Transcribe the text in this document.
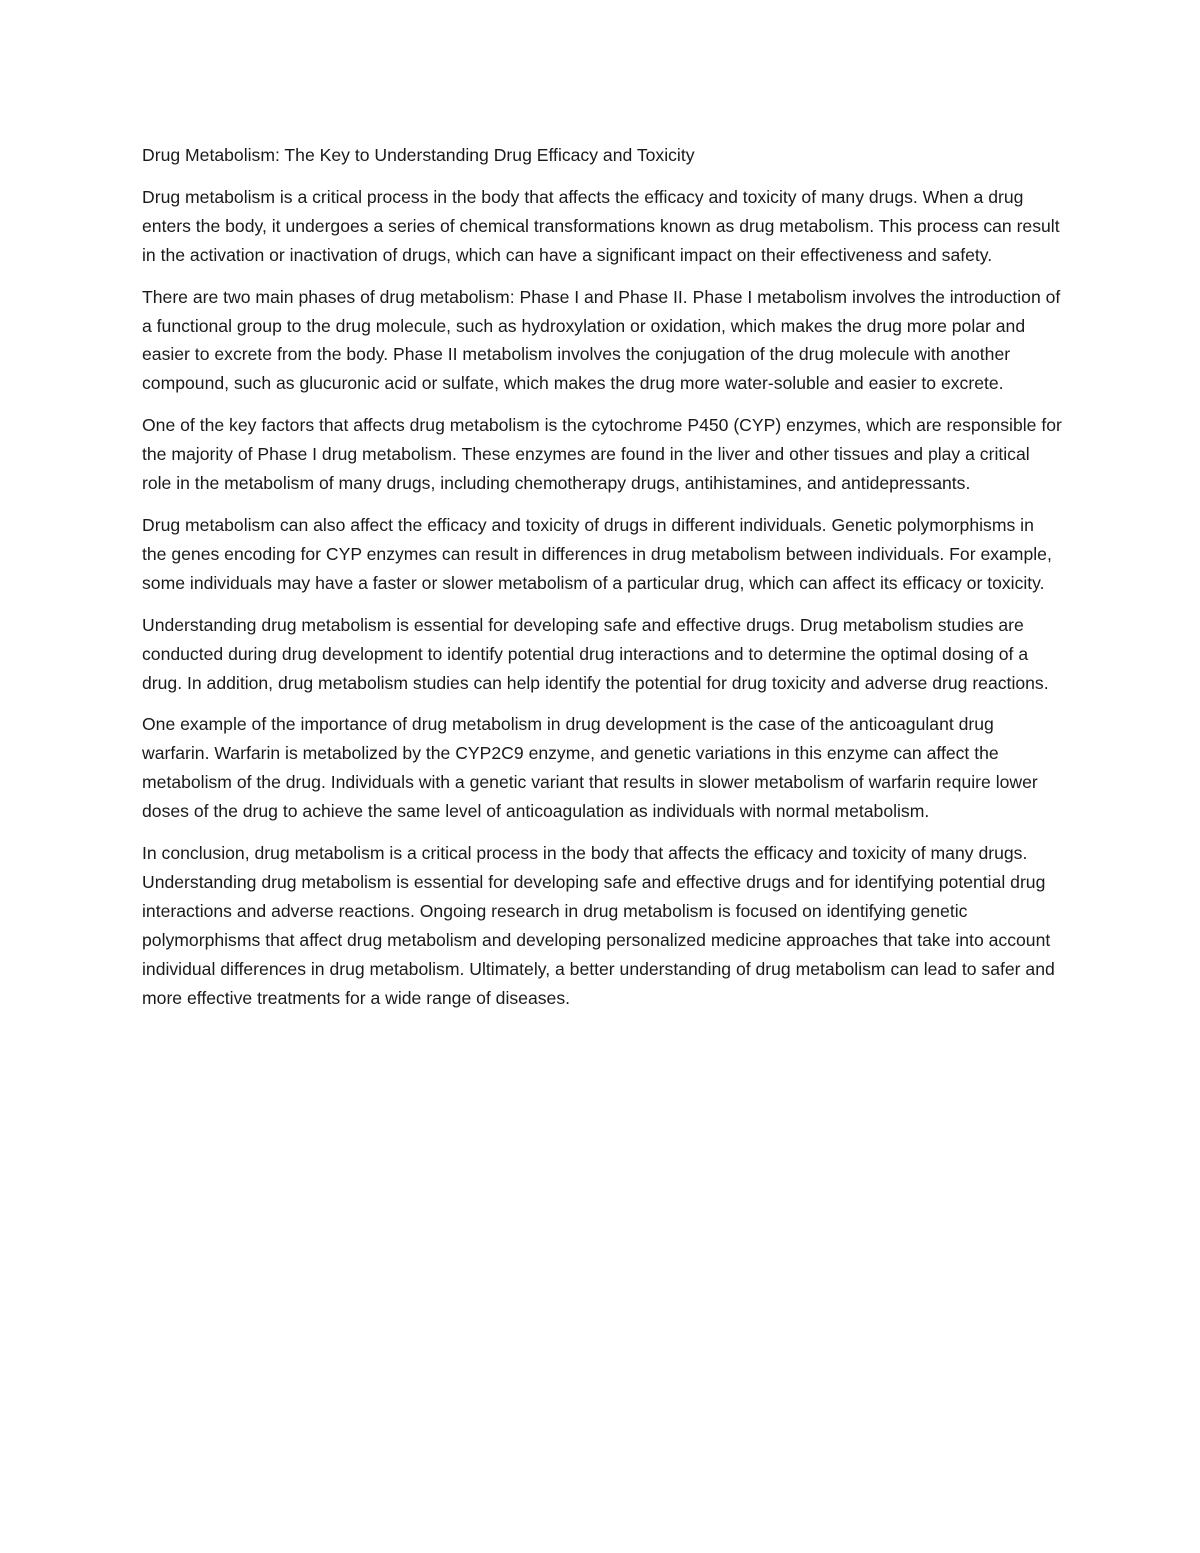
Drug Metabolism: The Key to Understanding Drug Efficacy and Toxicity

Drug metabolism is a critical process in the body that affects the efficacy and toxicity of many drugs. When a drug enters the body, it undergoes a series of chemical transformations known as drug metabolism. This process can result in the activation or inactivation of drugs, which can have a significant impact on their effectiveness and safety.

There are two main phases of drug metabolism: Phase I and Phase II. Phase I metabolism involves the introduction of a functional group to the drug molecule, such as hydroxylation or oxidation, which makes the drug more polar and easier to excrete from the body. Phase II metabolism involves the conjugation of the drug molecule with another compound, such as glucuronic acid or sulfate, which makes the drug more water-soluble and easier to excrete.

One of the key factors that affects drug metabolism is the cytochrome P450 (CYP) enzymes, which are responsible for the majority of Phase I drug metabolism. These enzymes are found in the liver and other tissues and play a critical role in the metabolism of many drugs, including chemotherapy drugs, antihistamines, and antidepressants.

Drug metabolism can also affect the efficacy and toxicity of drugs in different individuals. Genetic polymorphisms in the genes encoding for CYP enzymes can result in differences in drug metabolism between individuals. For example, some individuals may have a faster or slower metabolism of a particular drug, which can affect its efficacy or toxicity.

Understanding drug metabolism is essential for developing safe and effective drugs. Drug metabolism studies are conducted during drug development to identify potential drug interactions and to determine the optimal dosing of a drug. In addition, drug metabolism studies can help identify the potential for drug toxicity and adverse drug reactions.

One example of the importance of drug metabolism in drug development is the case of the anticoagulant drug warfarin. Warfarin is metabolized by the CYP2C9 enzyme, and genetic variations in this enzyme can affect the metabolism of the drug. Individuals with a genetic variant that results in slower metabolism of warfarin require lower doses of the drug to achieve the same level of anticoagulation as individuals with normal metabolism.

In conclusion, drug metabolism is a critical process in the body that affects the efficacy and toxicity of many drugs. Understanding drug metabolism is essential for developing safe and effective drugs and for identifying potential drug interactions and adverse reactions. Ongoing research in drug metabolism is focused on identifying genetic polymorphisms that affect drug metabolism and developing personalized medicine approaches that take into account individual differences in drug metabolism. Ultimately, a better understanding of drug metabolism can lead to safer and more effective treatments for a wide range of diseases.
